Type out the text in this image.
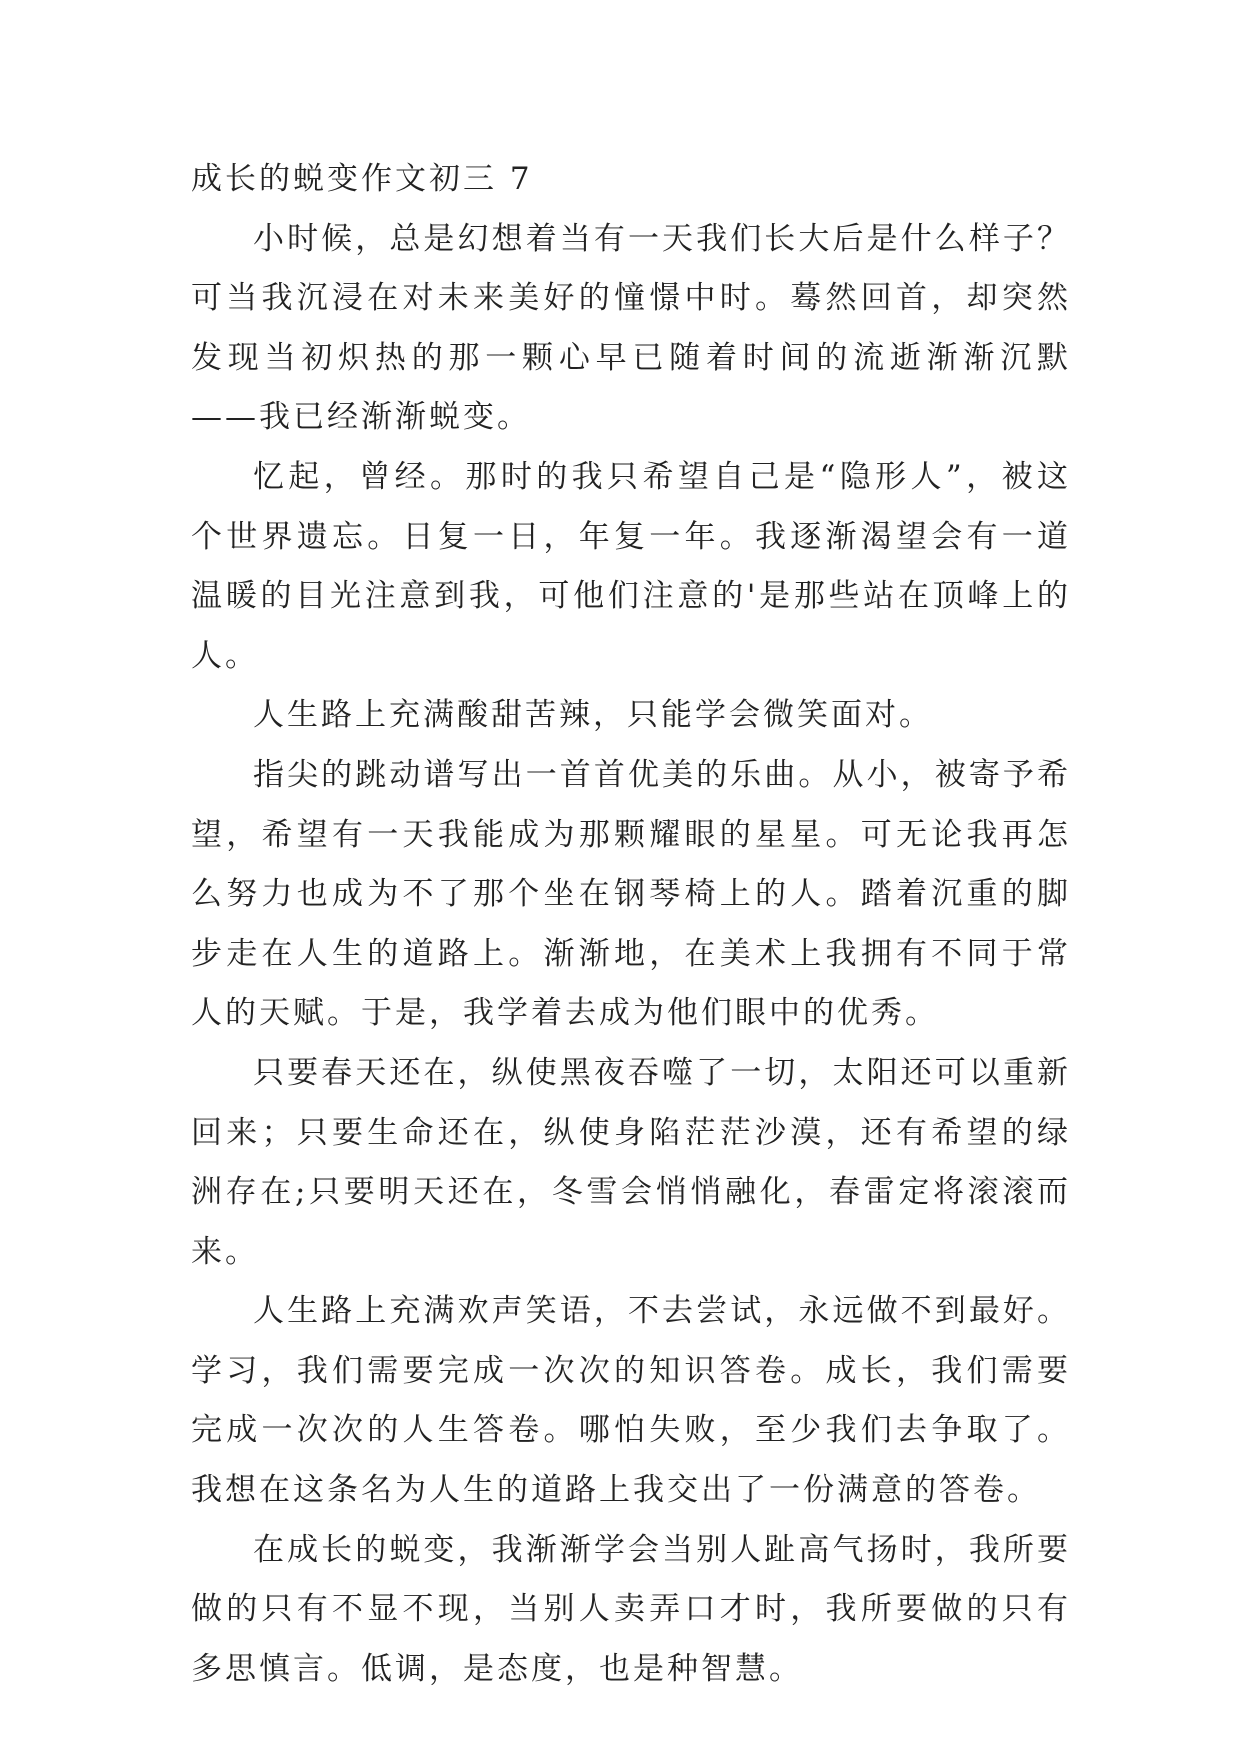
成长的蜕变作文初三 7

小时候，总是幻想着当有一天我们长大后是什么样子？可当我沉浸在对未来美好的憧憬中时。蓦然回首，却突然发现当初炽热的那一颗心早已随着时间的流逝渐渐沉默——我已经渐渐蜕变。

忆起，曾经。那时的我只希望自己是“隐形人”，被这个世界遗忘。日复一日，年复一年。我逐渐渴望会有一道温暖的目光注意到我，可他们注意的'是那些站在顶峰上的人。

人生路上充满酸甜苦辣，只能学会微笑面对。

指尖的跳动谱写出一首首优美的乐曲。从小，被寄予希望，希望有一天我能成为那颗耀眼的星星。可无论我再怎么努力也成为不了那个坐在钢琴椅上的人。踏着沉重的脚步走在人生的道路上。渐渐地，在美术上我拥有不同于常人的天赋。于是，我学着去成为他们眼中的优秀。

只要春天还在，纵使黑夜吞噬了一切，太阳还可以重新回来；只要生命还在，纵使身陷茫茫沙漠，还有希望的绿洲存在;只要明天还在，冬雪会悄悄融化，春雷定将滚滚而来。

人生路上充满欢声笑语，不去尝试，永远做不到最好。学习，我们需要完成一次次的知识答卷。成长，我们需要完成一次次的人生答卷。哪怕失败，至少我们去争取了。我想在这条名为人生的道路上我交出了一份满意的答卷。

在成长的蜕变，我渐渐学会当别人趾高气扬时，我所要做的只有不显不现，当别人卖弄口才时，我所要做的只有多思慎言。低调，是态度，也是种智慧。
